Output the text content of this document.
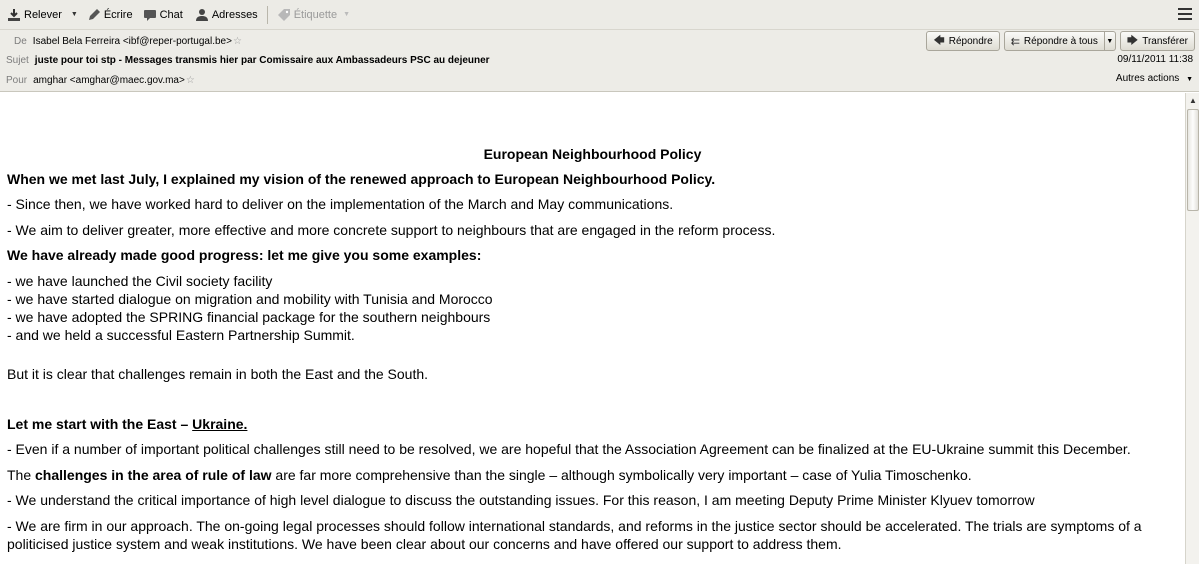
Relever ▼ Écrire Chat	Adresses	Étiquette ▼
De Isabel Bela Ferreira <ibf@reper-portugal.be> ☆	🡄 Répondre ⇇ Répondre à tous ▼ 🡆 Transférer
Sujet juste pour toi stp - Messages transmis hier par Comissaire aux Ambassadeurs PSC au dejeuner	09/11/2011 11:38
Pour amghar <amghar@maec.gov.ma> ☆	Autres actions ▼
European Neighbourhood Policy

When we met last July, I explained my vision of the renewed approach to European Neighbourhood Policy.

- Since then, we have worked hard to deliver on the implementation of the March and May communications.

- We aim to deliver greater, more effective and more concrete support to neighbours that are engaged in the reform process.

We have already made good progress: let me give you some examples:

- we have launched the Civil society facility

- we have started dialogue on migration and mobility with Tunisia and Morocco

- we have adopted the SPRING financial package for the southern neighbours

- and we held a successful Eastern Partnership Summit.

But it is clear that challenges remain in both the East and the South.

Let me start with the East – Ukraine.

- Even if a number of important political challenges still need to be resolved, we are hopeful that the Association Agreement can be finalized at the EU-Ukraine summit this December.

The challenges in the area of rule of law are far more comprehensive than the single – although symbolically very important – case of Yulia Timoschenko.

- We understand the critical importance of high level dialogue to discuss the outstanding issues. For this reason, I am meeting Deputy Prime Minister Klyuev tomorrow

- We are firm in our approach. The on-going legal processes should follow international standards, and reforms in the justice sector should be accelerated. The trials are symptoms of a politicised justice system and weak institutions. We have been clear about our concerns and have offered our support to address them.

▲
